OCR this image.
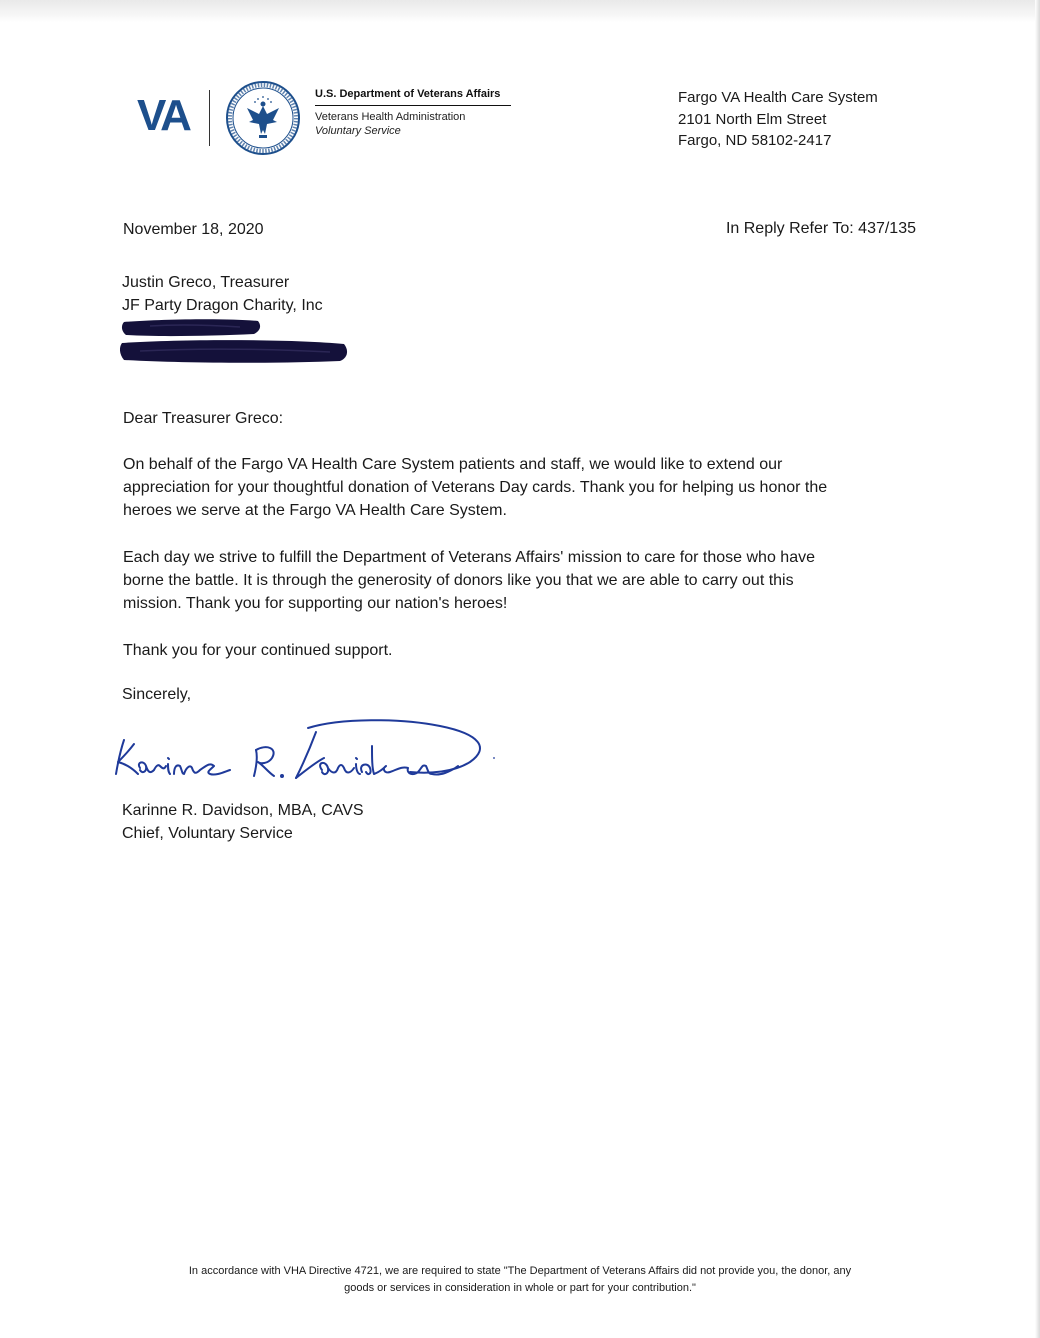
VA	U.S. Department of Veterans Affairs
Veterans Health Administration
Voluntary Service
Fargo VA Health Care System
2101 North Elm Street
Fargo, ND 58102-2417
November 18, 2020	In Reply Refer To: 437/135
Justin Greco, Treasurer
JF Party Dragon Charity, Inc
Dear Treasurer Greco:
On behalf of the Fargo VA Health Care System patients and staff, we would like to extend our
appreciation for your thoughtful donation of Veterans Day cards. Thank you for helping us honor the
heroes we serve at the Fargo VA Health Care System.
Each day we strive to fulfill the Department of Veterans Affairs' mission to care for those who have
borne the battle. It is through the generosity of donors like you that we are able to carry out this
mission. Thank you for supporting our nation's heroes!
Thank you for your continued support.
Sincerely,
Karinne R. Davidson, MBA, CAVS
Chief, Voluntary Service
In accordance with VHA Directive 4721, we are required to state "The Department of Veterans Affairs did not provide you, the donor, any
goods or services in consideration in whole or part for your contribution."
